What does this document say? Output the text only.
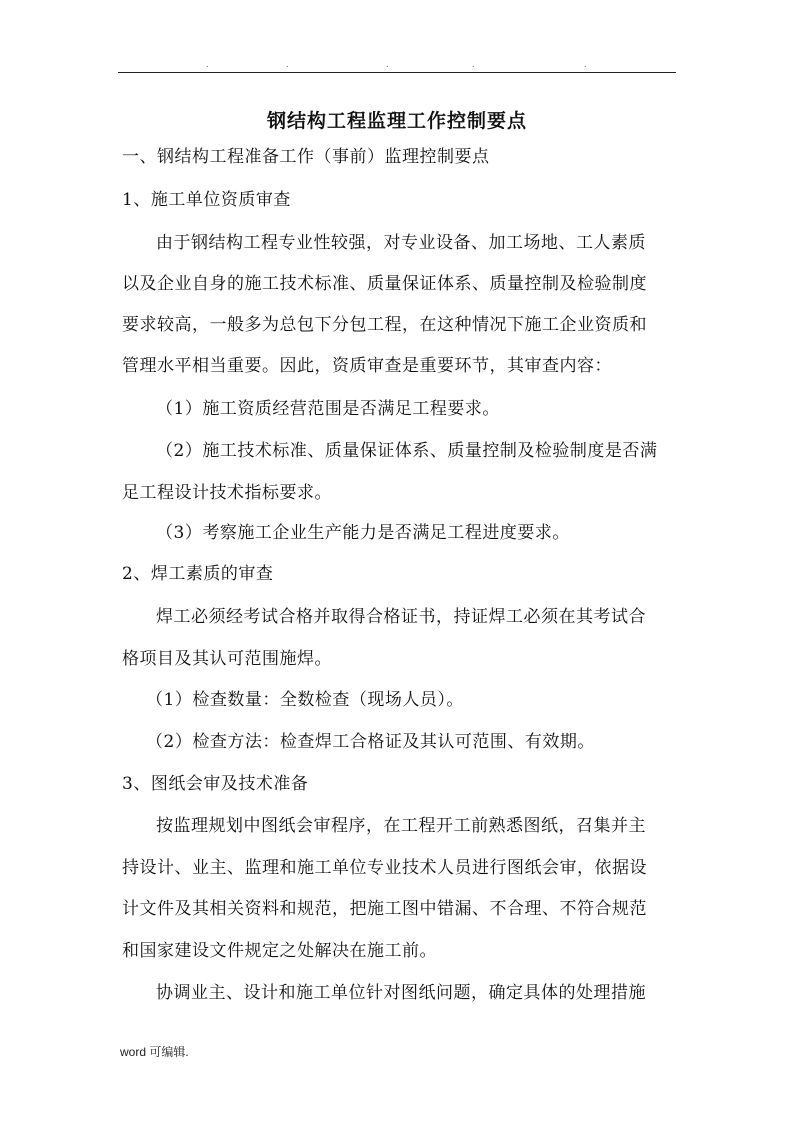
.	.	.	.	.
钢结构工程监理工作控制要点

一、钢结构工程准备工作（事前）监理控制要点

1、施工单位资质审查

由于钢结构工程专业性较强，对专业设备、加工场地、工人素质

以及企业自身的施工技术标准、质量保证体系、质量控制及检验制度

要求较高，一般多为总包下分包工程，在这种情况下施工企业资质和

管理水平相当重要。因此，资质审查是重要环节，其审查内容：

（1）施工资质经营范围是否满足工程要求。

（2）施工技术标准、质量保证体系、质量控制及检验制度是否满

足工程设计技术指标要求。

（3）考察施工企业生产能力是否满足工程进度要求。

2、焊工素质的审查

焊工必须经考试合格并取得合格证书，持证焊工必须在其考试合

格项目及其认可范围施焊。

（1）检查数量：全数检查（现场人员）。

（2）检查方法：检查焊工合格证及其认可范围、有效期。

3、图纸会审及技术准备

按监理规划中图纸会审程序，在工程开工前熟悉图纸，召集并主

持设计、业主、监理和施工单位专业技术人员进行图纸会审，依据设

计文件及其相关资料和规范，把施工图中错漏、不合理、不符合规范

和国家建设文件规定之处解决在施工前。

协调业主、设计和施工单位针对图纸问题，确定具体的处理措施

word 可编辑.
